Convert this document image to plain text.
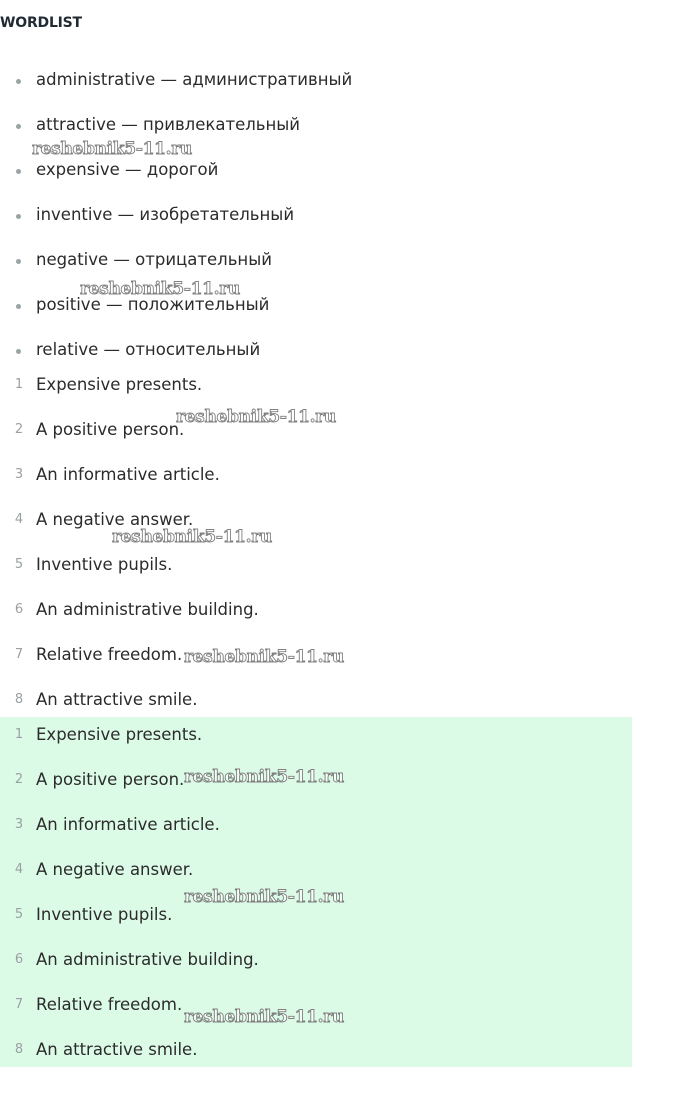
WORDLIST
administrative — административный
attractive — привлекательный
expensive — дорогой
inventive — изобретательный
negative — отрицательный
positive — положительный
relative — относительный
1 Expensive presents.
2 A positive person.
3 An informative article.
4 A negative answer.
5 Inventive pupils.
6 An administrative building.
7 Relative freedom.
8 An attractive smile.
1 Expensive presents.
2 A positive person.
3 An informative article.
4 A negative answer.
5 Inventive pupils.
6 An administrative building.
7 Relative freedom.
8 An attractive smile.
reshebnik5-11.ru
reshebnik5-11.ru
reshebnik5-11.ru
reshebnik5-11.ru
reshebnik5-11.ru
reshebnik5-11.ru
reshebnik5-11.ru
reshebnik5-11.ru
